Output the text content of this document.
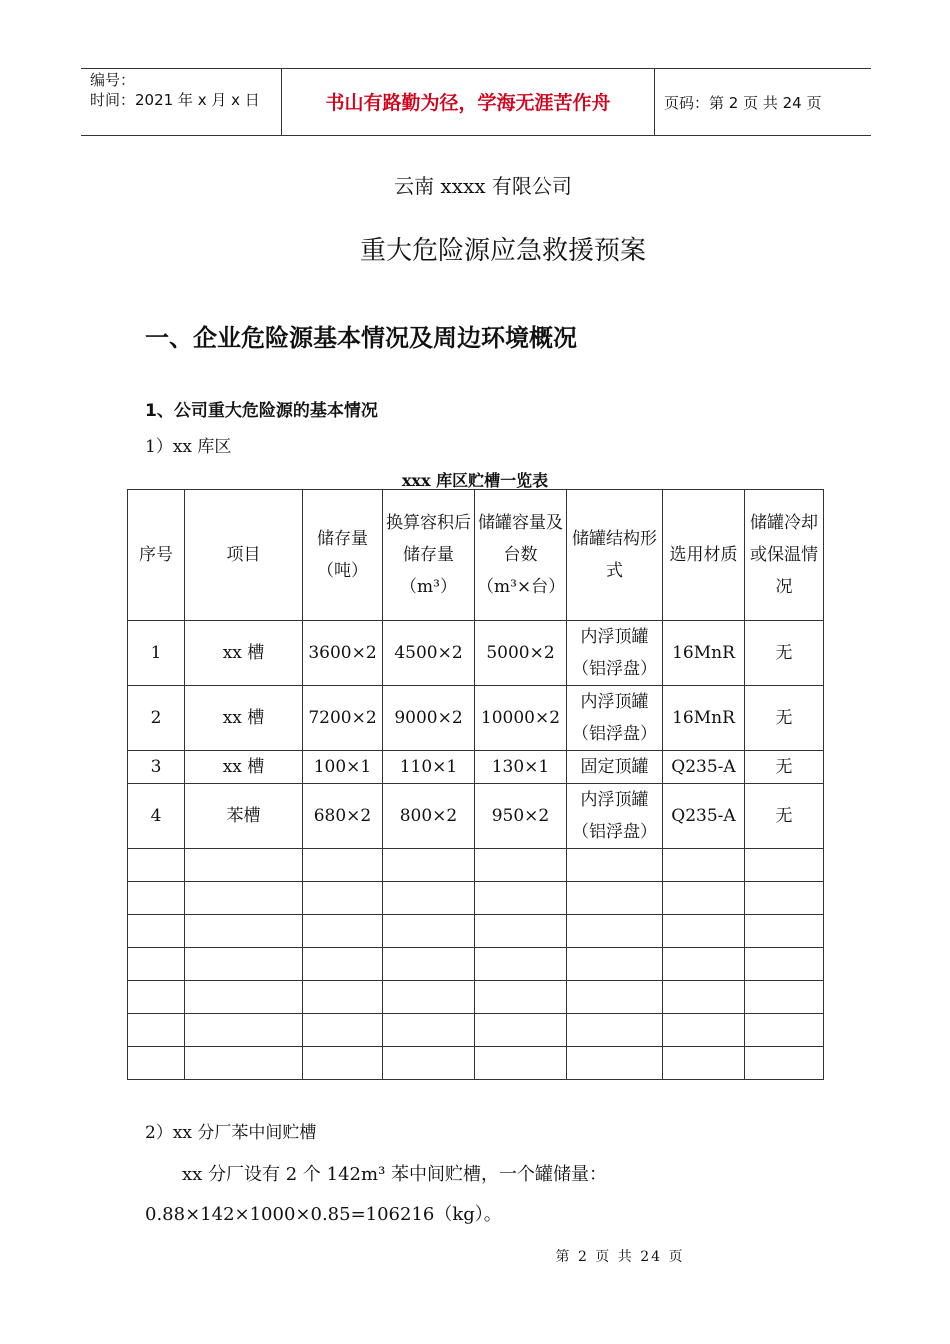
编号：
时间：2021 年 x 月 x 日	书山有路勤为径，学海无涯苦作舟	页码：第 2 页 共 24 页
云南 xxxx 有限公司
重大危险源应急救援预案
一、企业危险源基本情况及周边环境概况
1、公司重大危险源的基本情况
1）xx 库区
xxx 库区贮槽一览表
序号	项目	储存量（吨）	换算容积后储存量（m³）	储罐容量及台数（m³×台）	储罐结构形式	选用材质	储罐冷却或保温情况
1	xx 槽	3600×2	4500×2	5000×2	内浮顶罐（铝浮盘）	16MnR	无
2	xx 槽	7200×2	9000×2	10000×2	内浮顶罐（铝浮盘）	16MnR	无
3	xx 槽	100×1	110×1	130×1	固定顶罐	Q235-A	无
4	苯槽	680×2	800×2	950×2	内浮顶罐（铝浮盘）	Q235-A	无

2）xx 分厂苯中间贮槽
xx 分厂设有 2 个 142m³ 苯中间贮槽，一个罐储量：
0.88×142×1000×0.85=106216（kg）。
第 2 页 共 24 页
